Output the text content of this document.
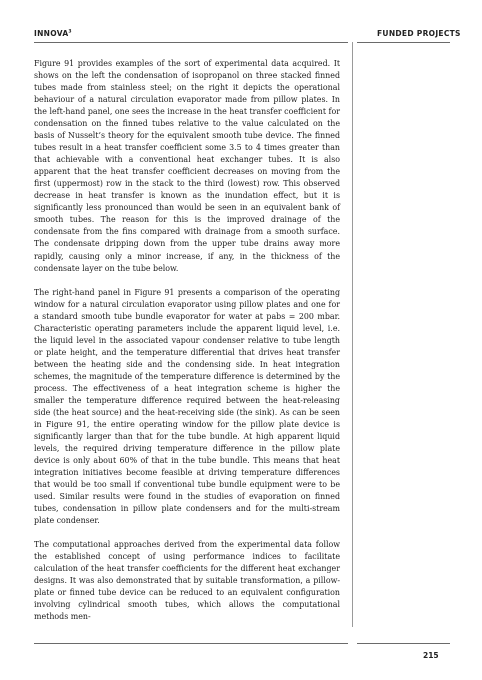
INNOVA$^3$	FUNDED PROJECTS

Figure 91 provides examples of the sort of experimental data acquired. It shows on the left the condensation of isopropanol on three stacked finned tubes made from stainless steel; on the right it depicts the operational behaviour of a natural circulation evaporator made from pillow plates. In the left-hand panel, one sees the increase in the heat transfer coefficient for condensation on the finned tubes relative to the value calculated on the basis of Nusselt’s theory for the equivalent smooth tube device. The finned tubes result in a heat transfer coefficient some 3.5 to 4 times greater than that achievable with a conventional heat exchanger tubes. It is also apparent that the heat transfer coefficient decreases on moving from the first (uppermost) row in the stack to the third (lowest) row. This observed decrease in heat transfer is known as the inundation effect, but it is significantly less pronounced than would be seen in an equivalent bank of smooth tubes. The reason for this is the improved drainage of the condensate from the fins compared with drainage from a smooth surface. The condensate dripping down from the upper tube drains away more rapidly, causing only a minor increase, if any, in the thickness of the condensate layer on the tube below.

The right-hand panel in Figure 91 presents a comparison of the operating window for a natural circulation evaporator using pillow plates and one for a standard smooth tube bundle evaporator for water at pabs = 200 mbar. Characteristic operating parameters include the apparent liquid level, i.e. the liquid level in the associated vapour condenser relative to tube length or plate height, and the temperature differential that drives heat transfer between the heating side and the condensing side. In heat integration schemes, the magnitude of the temperature difference is determined by the process. The effectiveness of a heat integration scheme is higher the smaller the temperature difference required between the heat-releasing side (the heat source) and the heat-receiving side (the sink). As can be seen in Figure 91, the entire operating window for the pillow plate device is significantly larger than that for the tube bundle. At high apparent liquid levels, the required driving temperature difference in the pillow plate device is only about 60% of that in the tube bundle. This means that heat integration initiatives become feasible at driving temperature differences that would be too small if conventional tube bundle equipment were to be used. Similar results were found in the studies of evaporation on finned tubes, condensation in pillow plate condensers and for the multi-stream plate condenser.

The computational approaches derived from the experimental data follow the established concept of using performance indices to facilitate calculation of the heat transfer coefficients for the different heat exchanger designs. It was also demonstrated that by suitable transformation, a pillow-plate or finned tube device can be reduced to an equivalent configuration involving cylindrical smooth tubes, which allows the computational methods men-

215
